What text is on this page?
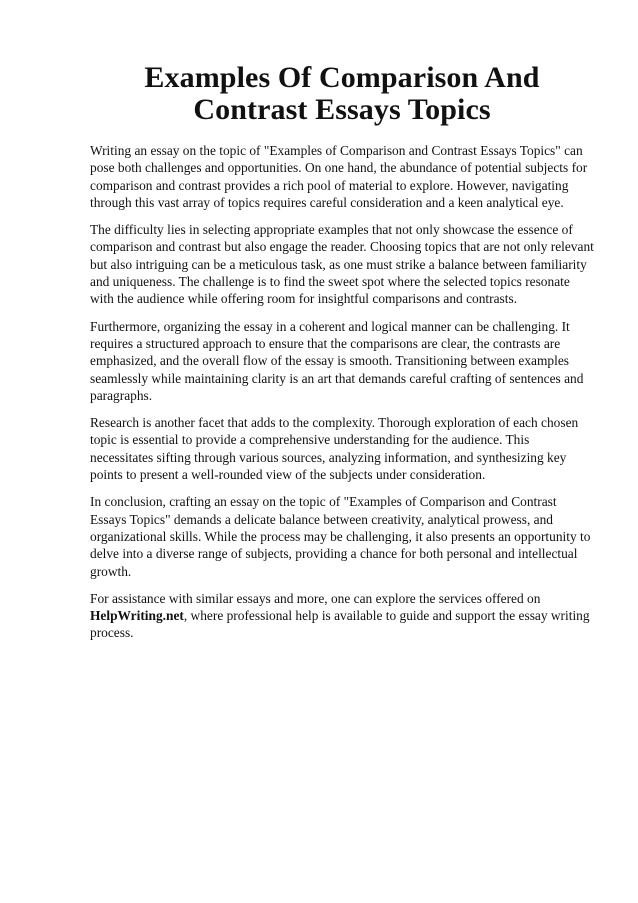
Examples Of Comparison And Contrast Essays Topics

Writing an essay on the topic of "Examples of Comparison and Contrast Essays Topics" can pose both challenges and opportunities. On one hand, the abundance of potential subjects for comparison and contrast provides a rich pool of material to explore. However, navigating through this vast array of topics requires careful consideration and a keen analytical eye.

The difficulty lies in selecting appropriate examples that not only showcase the essence of comparison and contrast but also engage the reader. Choosing topics that are not only relevant but also intriguing can be a meticulous task, as one must strike a balance between familiarity and uniqueness. The challenge is to find the sweet spot where the selected topics resonate with the audience while offering room for insightful comparisons and contrasts.

Furthermore, organizing the essay in a coherent and logical manner can be challenging. It requires a structured approach to ensure that the comparisons are clear, the contrasts are emphasized, and the overall flow of the essay is smooth. Transitioning between examples seamlessly while maintaining clarity is an art that demands careful crafting of sentences and paragraphs.

Research is another facet that adds to the complexity. Thorough exploration of each chosen topic is essential to provide a comprehensive understanding for the audience. This necessitates sifting through various sources, analyzing information, and synthesizing key points to present a well-rounded view of the subjects under consideration.

In conclusion, crafting an essay on the topic of "Examples of Comparison and Contrast Essays Topics" demands a delicate balance between creativity, analytical prowess, and organizational skills. While the process may be challenging, it also presents an opportunity to delve into a diverse range of subjects, providing a chance for both personal and intellectual growth.

For assistance with similar essays and more, one can explore the services offered on HelpWriting.net, where professional help is available to guide and support the essay writing process.
